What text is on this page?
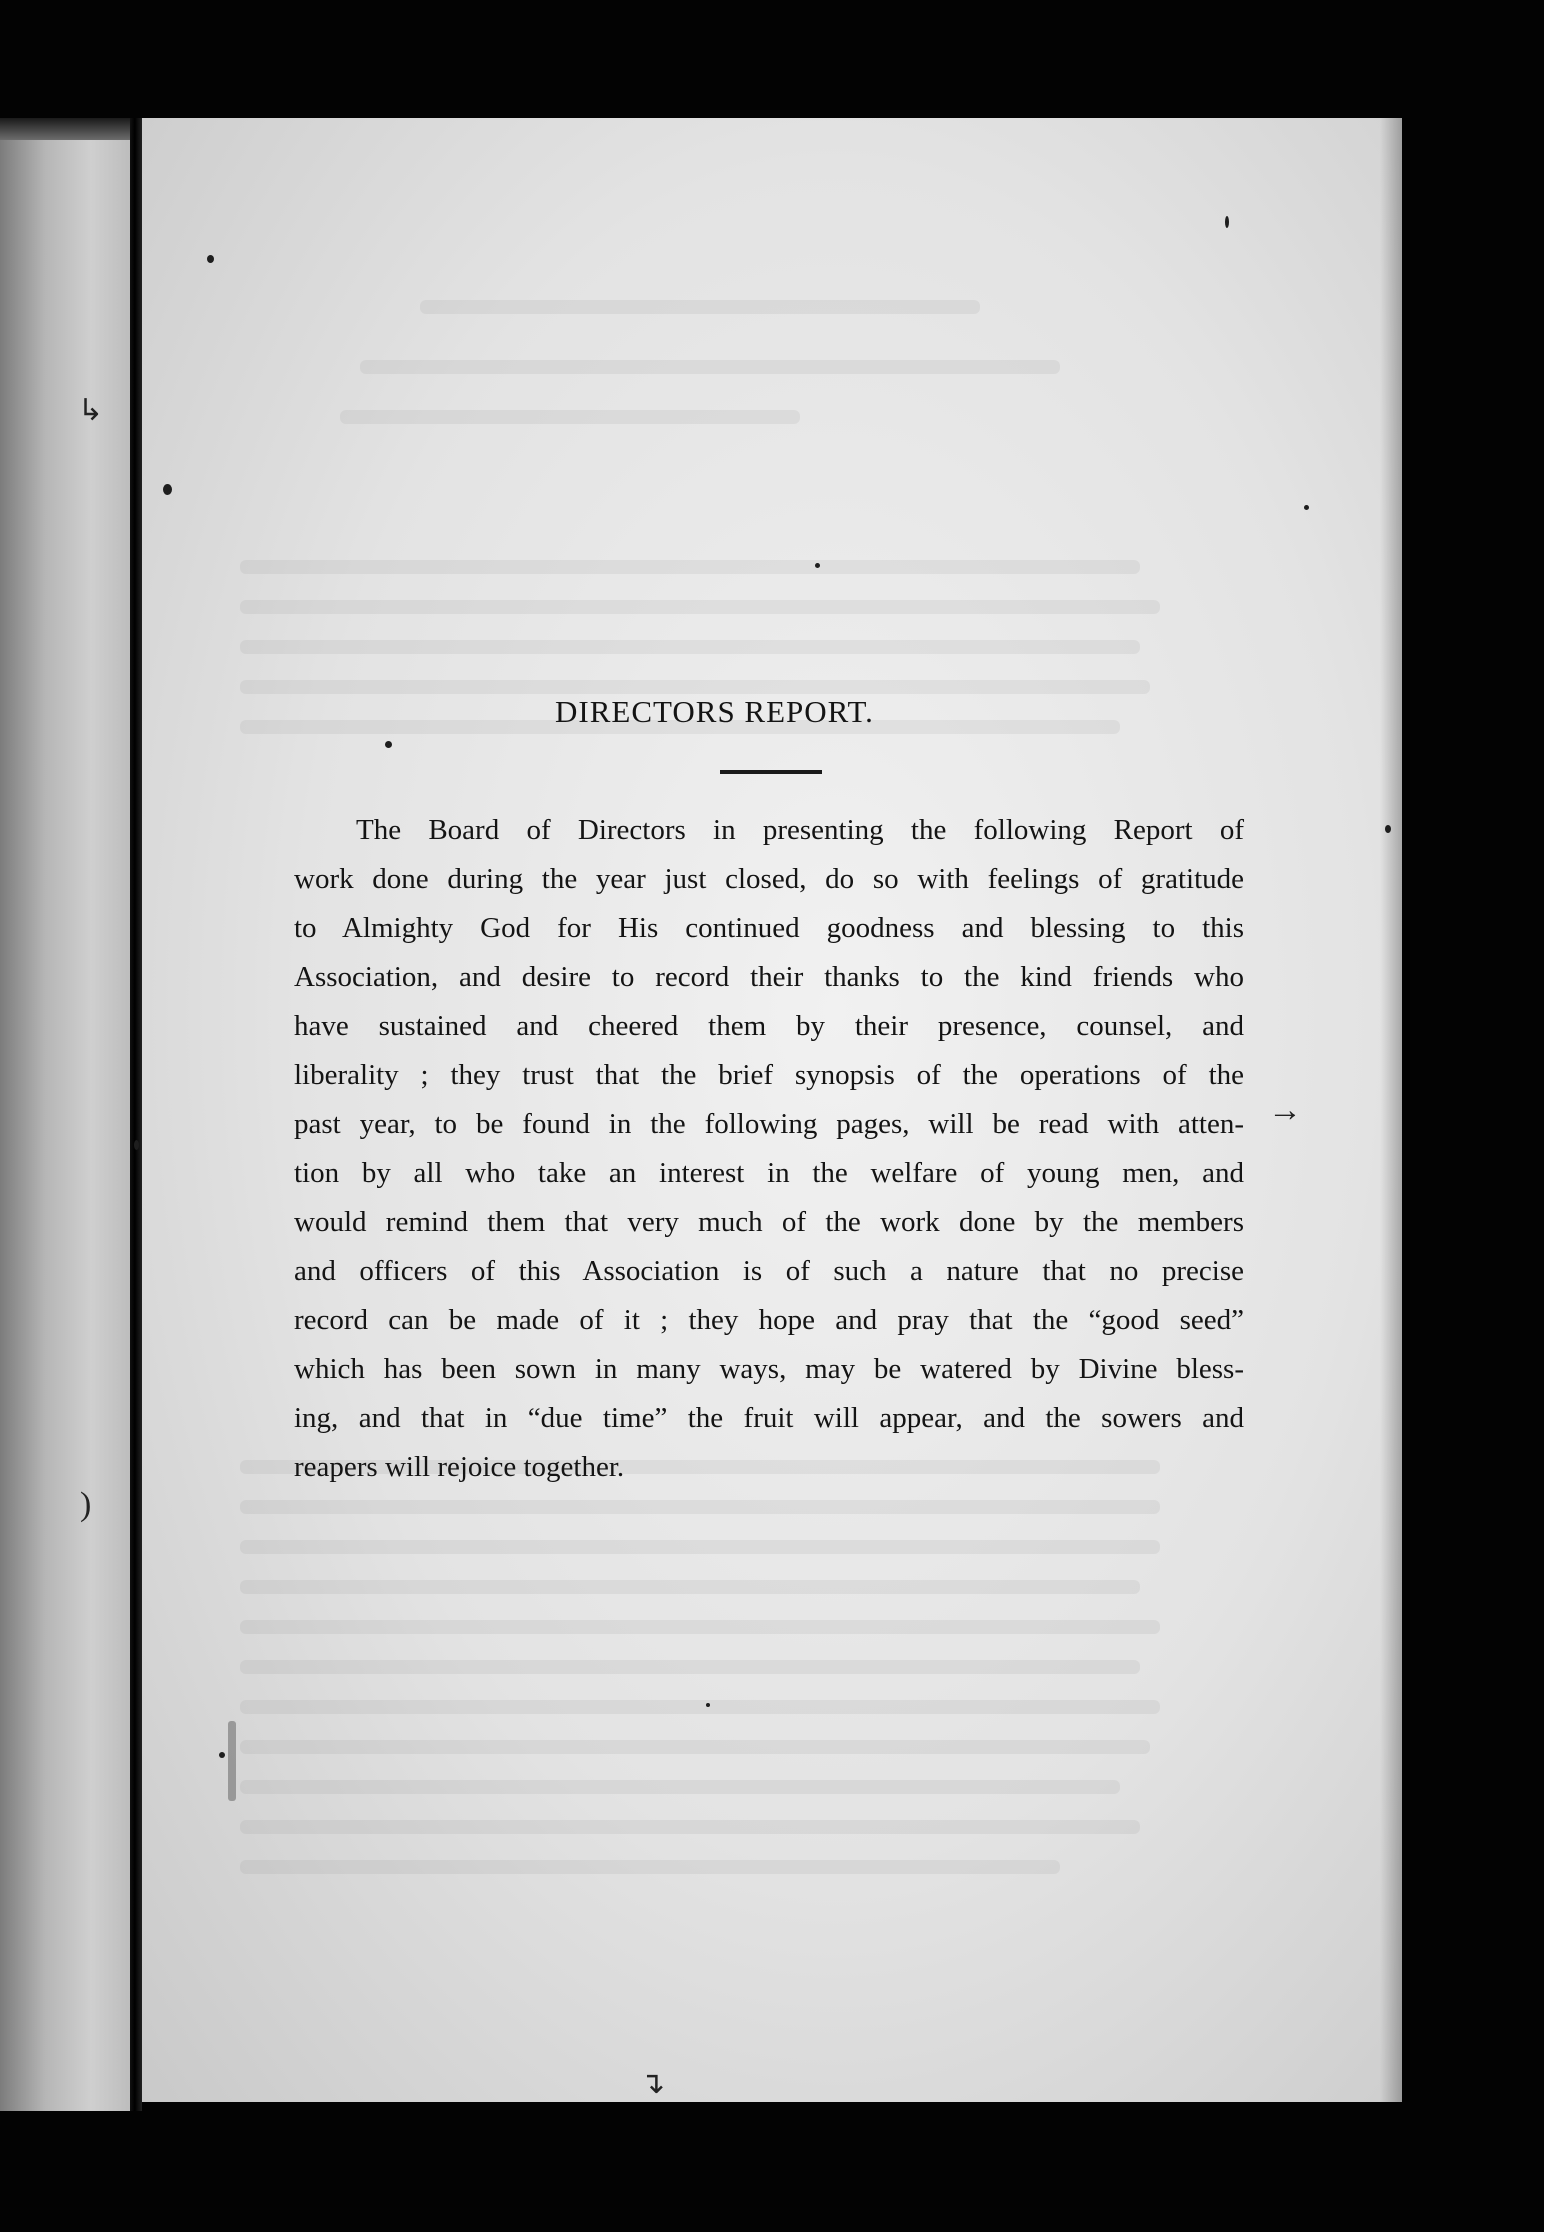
DIRECTORS REPORT.
The Board of Directors in presenting the following Report of
work done during the year just closed, do so with feelings of gratitude
to Almighty God for His continued goodness and blessing to this
Association, and desire to record their thanks to the kind friends who
have sustained and cheered them by their presence, counsel, and
liberality ; they trust that the brief synopsis of the operations of the
past year, to be found in the following pages, will be read with atten-
tion by all who take an interest in the welfare of young men, and
would remind them that very much of the work done by the members
and officers of this Association is of such a nature that no precise
record can be made of it ; they hope and pray that the “good seed”
which has been sown in many ways, may be watered by Divine bless-
ing, and that in “due time” the fruit will appear, and the sowers and
reapers will rejoice together.
→
↳
)
↴
